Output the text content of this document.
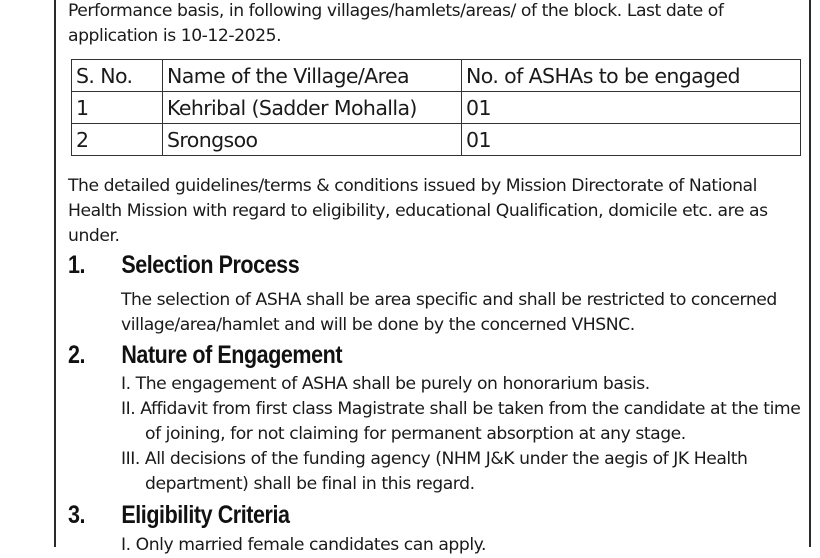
Performance basis, in following villages/hamlets/areas/ of the block. Last date of application is 10-12-2025.

S. No.	Name of the Village/Area	No. of ASHAs to be engaged
1	Kehribal (Sadder Mohalla)	01
2	Srongsoo	01

The detailed guidelines/terms & conditions issued by Mission Directorate of National Health Mission with regard to eligibility, educational Qualification, domicile etc. are as under.

1. Selection Process

The selection of ASHA shall be area specific and shall be restricted to concerned village/area/hamlet and will be done by the concerned VHSNC.

2. Nature of Engagement
I. The engagement of ASHA shall be purely on honorarium basis.
II. Affidavit from first class Magistrate shall be taken from the candidate at the time of joining, for not claiming for permanent absorption at any stage.
III. All decisions of the funding agency (NHM J&K under the aegis of JK Health department) shall be final in this regard.
3. Eligibility Criteria
I. Only married female candidates can apply.
